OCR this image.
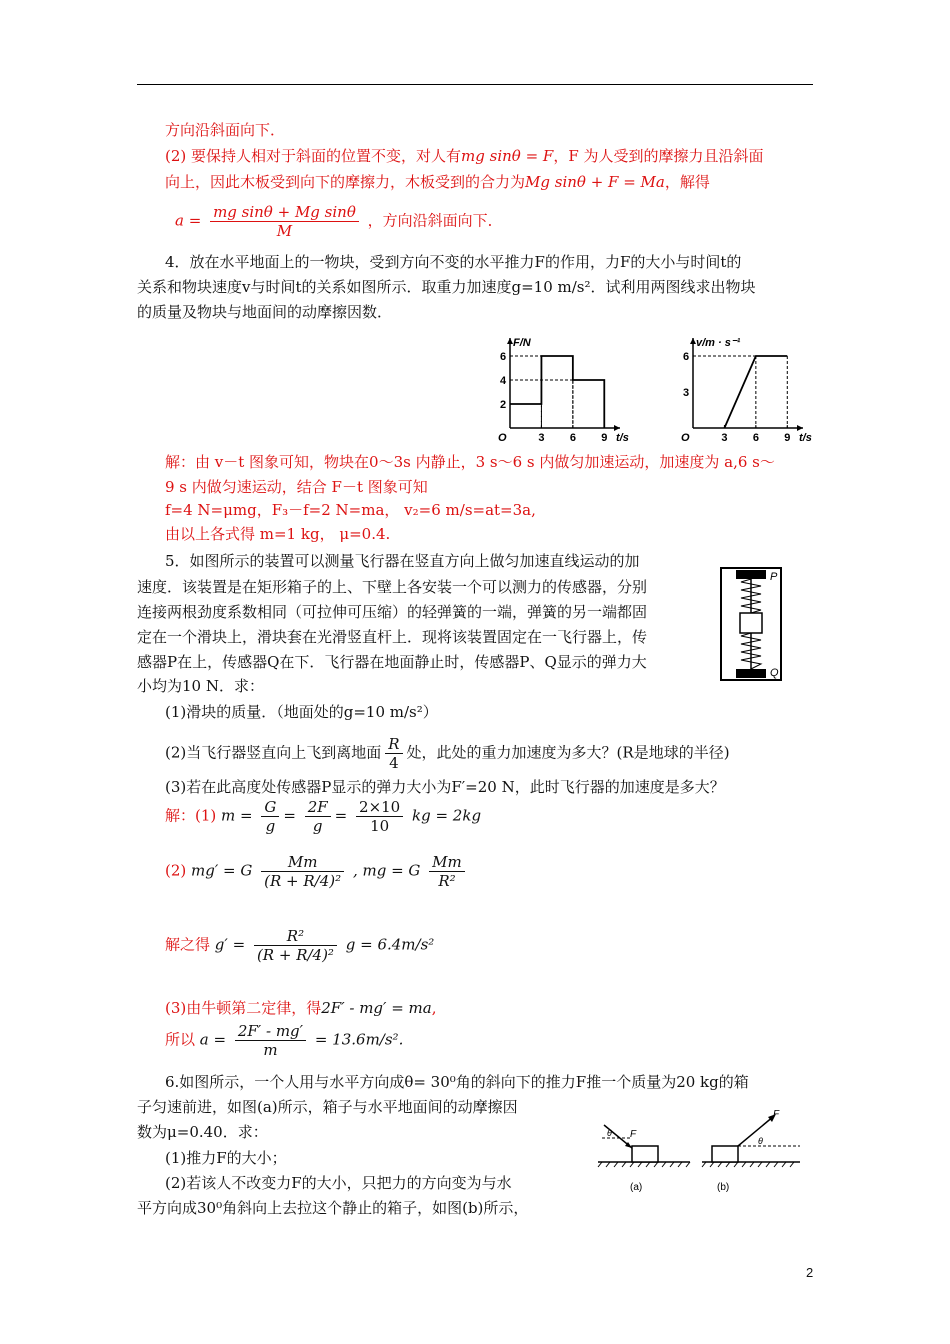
方向沿斜面向下．
(2) 要保持人相对于斜面的位置不变，对人有mg sinθ = F，F 为人受到的摩擦力且沿斜面
向上，因此木板受到向下的摩擦力，木板受到的合力为Mg sinθ + F = Ma，解得
$a = \frac{\text{mg sinθ + Mg sinθ}}{M}$ ，方向沿斜面向下．
4．放在水平地面上的一物块，受到方向不变的水平推力F的作用，力F的大小与时间t的
关系和物块速度v与时间t的关系如图所示．取重力加速度g=10 m/s²．试利用两图线求出物块
的质量及物块与地面间的动摩擦因数．
F/N
t/s
O	3 6 9
2
4
6
v/m · s⁻¹
t/s
O	3 6 9
3
6
解：由 v－t 图象可知，物块在0～3s 内静止，3 s～6 s 内做匀加速运动，加速度为 a,6 s～
9 s 内做匀速运动，结合 F－t 图象可知
f=4 N=μmg，F₃－f=2 N=ma， v₂=6 m/s=at=3a,
由以上各式得 m=1 kg， μ=0.4.
5．如图所示的装置可以测量飞行器在竖直方向上做匀加速直线运动的加
速度．该装置是在矩形箱子的上、下壁上各安装一个可以测力的传感器，分别
连接两根劲度系数相同（可拉伸可压缩）的轻弹簧的一端，弹簧的另一端都固
定在一个滑块上，滑块套在光滑竖直杆上．现将该装置固定在一飞行器上，传
感器P在上，传感器Q在下．飞行器在地面静止时，传感器P、Q显示的弹力大
小均为10 N．求：
P
Q
(1)滑块的质量．（地面处的g=10 m/s²）
(2)当飞行器竖直向上飞到离地面 $\frac{R}{4}$ 处，此处的重力加速度为多大？(R是地球的半径)
(3)若在此高度处传感器P显示的弹力大小为F′=20 N，此时飞行器的加速度是多大？
解：(1) $m = \frac{G}{g} = \frac{2F}{g} = \frac{2\times 10}{10}$ kg = 2kg
(2) mg′ = G $\frac{Mm}{\text{(R + R/4)²}}$ , mg = G $\frac{Mm}{\text{R²}}$
解之得 $g' = \frac{\text{R²}}{\text{(R + R/4)²}}$ g = 6.4m/s²
(3)由牛顿第二定律，得2F′ - mg′ = ma,
所以 $a = \frac{2F' - mg'}{m} = 13.6m/s^2$.
6.如图所示，一个人用与水平方向成θ= 30⁰角的斜向下的推力F推一个质量为20 kg的箱
子匀速前进，如图(a)所示，箱子与水平地面间的动摩擦因
数为μ=0.40．求：
(1)推力F的大小；
(2)若该人不改变力F的大小，只把力的方向变为与水
平方向成30⁰角斜向上去拉这个静止的箱子，如图(b)所示，
F
θ
(a)
F
θ
(b)
2
